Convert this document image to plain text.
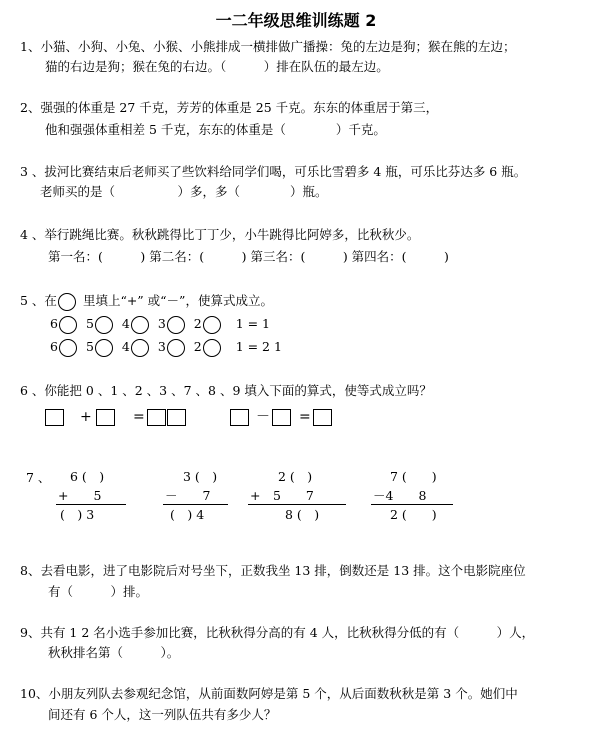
一二年级思维训练题 2
1、小猫、小狗、小兔、小猴、小熊排成一横排做广播操：兔的左边是狗；猴在熊的左边；
猫的右边是狗；猴在兔的右边。（　　　）排在队伍的最左边。
2、强强的体重是 27 千克，芳芳的体重是 25 千克。东东的体重居于第三，
他和强强体重相差 5 千克，东东的体重是（　　　　）千克。
3 、拔河比赛结束后老师买了些饮料给同学们喝，可乐比雪碧多 4 瓶，可乐比芬达多 6 瓶。
老师买的是（　　　　　）多，多（　　　　）瓶。
4 、举行跳绳比赛。秋秋跳得比丁丁少，小牛跳得比阿婷多，比秋秋少。
第一名：(　　　) 第二名：(　　　) 第三名：(　　　) 第四名：(　　　)
5 、在 里填上“+” 或“－”，使算式成立。
6 5 4 3 2	1 = 1
6 5 4 3 2	1 = 2 1
6 、你能把 0 、1 、2 、3 、7 、8 、9 填入下面的算式，使等式成立吗？
+	=	－ =
7 、 6 (　)
+　　5
(　) 3
3 (　)
－　　7
(　) 4
2 (　)
+　5　　7
8 (　)
7 (　　)
－4　　8
2 (　　)
8、去看电影，进了电影院后对号坐下，正数我坐 13 排，倒数还是 13 排。这个电影院座位
有（　　　）排。
9、共有 1 2 名小选手参加比赛，比秋秋得分高的有 4 人，比秋秋得分低的有（　　　）人，
秋秋排名第（　　　）。
10、小朋友列队去参观纪念馆，从前面数阿婷是第 5 个，从后面数秋秋是第 3 个。她们中
间还有 6 个人，这一列队伍共有多少人？
